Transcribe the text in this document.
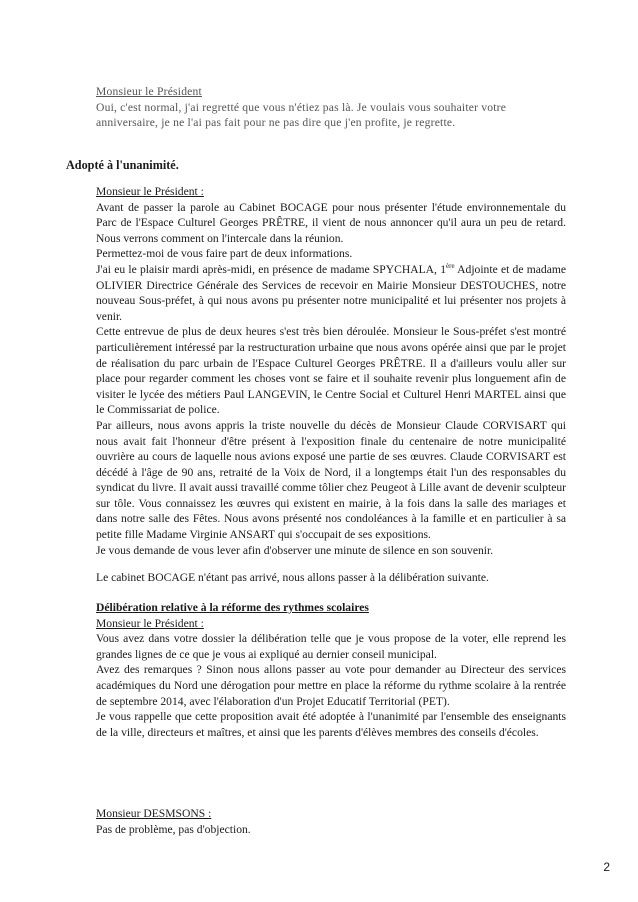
Monsieur le Président

Oui, c'est normal, j'ai regretté que vous n'étiez pas là. Je voulais vous souhaiter votre

anniversaire, je ne l'ai pas fait pour ne pas dire que j'en profite, je regrette.

Adopté à l'unanimité.

Monsieur le Président :

Avant de passer la parole au Cabinet BOCAGE pour nous présenter l'étude environnementale du Parc de l'Espace Culturel Georges PRÊTRE, il vient de nous annoncer qu'il aura un peu de retard. Nous verrons comment on l'intercale dans la réunion.

Permettez-moi de vous faire part de deux informations.

J'ai eu le plaisir mardi après-midi, en présence de madame SPYCHALA, 1ère Adjointe et de madame OLIVIER Directrice Générale des Services de recevoir en Mairie Monsieur DESTOUCHES, notre nouveau Sous-préfet, à qui nous avons pu présenter notre municipalité et lui présenter nos projets à venir.

Cette entrevue de plus de deux heures s'est très bien déroulée. Monsieur le Sous-préfet s'est montré particulièrement intéressé par la restructuration urbaine que nous avons opérée ainsi que par le projet de réalisation du parc urbain de l'Espace Culturel Georges PRÊTRE. Il a d'ailleurs voulu aller sur place pour regarder comment les choses vont se faire et il souhaite revenir plus longuement afin de visiter le lycée des métiers Paul LANGEVIN, le Centre Social et Culturel Henri MARTEL ainsi que le Commissariat de police.

Par ailleurs, nous avons appris la triste nouvelle du décès de Monsieur Claude CORVISART qui nous avait fait l'honneur d'être présent à l'exposition finale du centenaire de notre municipalité ouvrière au cours de laquelle nous avions exposé une partie de ses œuvres. Claude CORVISART est décédé à l'âge de 90 ans, retraité de la Voix de Nord, il a longtemps était l'un des responsables du syndicat du livre. Il avait aussi travaillé comme tôlier chez Peugeot à Lille avant de devenir sculpteur sur tôle. Vous connaissez les œuvres qui existent en mairie, à la fois dans la salle des mariages et dans notre salle des Fêtes. Nous avons présenté nos condoléances à la famille et en particulier à sa petite fille Madame Virginie ANSART qui s'occupait de ses expositions.

Je vous demande de vous lever afin d'observer une minute de silence en son souvenir.

Le cabinet BOCAGE n'étant pas arrivé, nous allons passer à la délibération suivante.

Délibération relative à la réforme des rythmes scolaires

Monsieur le Président :

Vous avez dans votre dossier la délibération telle que je vous propose de la voter, elle reprend les grandes lignes de ce que je vous ai expliqué au dernier conseil municipal.

Avez des remarques ? Sinon nous allons passer au vote pour demander au Directeur des services académiques du Nord une dérogation pour mettre en place la réforme du rythme scolaire à la rentrée de septembre 2014, avec l'élaboration d'un Projet Educatif Territorial (PET).

Je vous rappelle que cette proposition avait été adoptée à l'unanimité par l'ensemble des enseignants de la ville, directeurs et maîtres, et ainsi que les parents d'élèves membres des conseils d'écoles.

Monsieur DESMSONS :

Pas de problème, pas d'objection.

2
